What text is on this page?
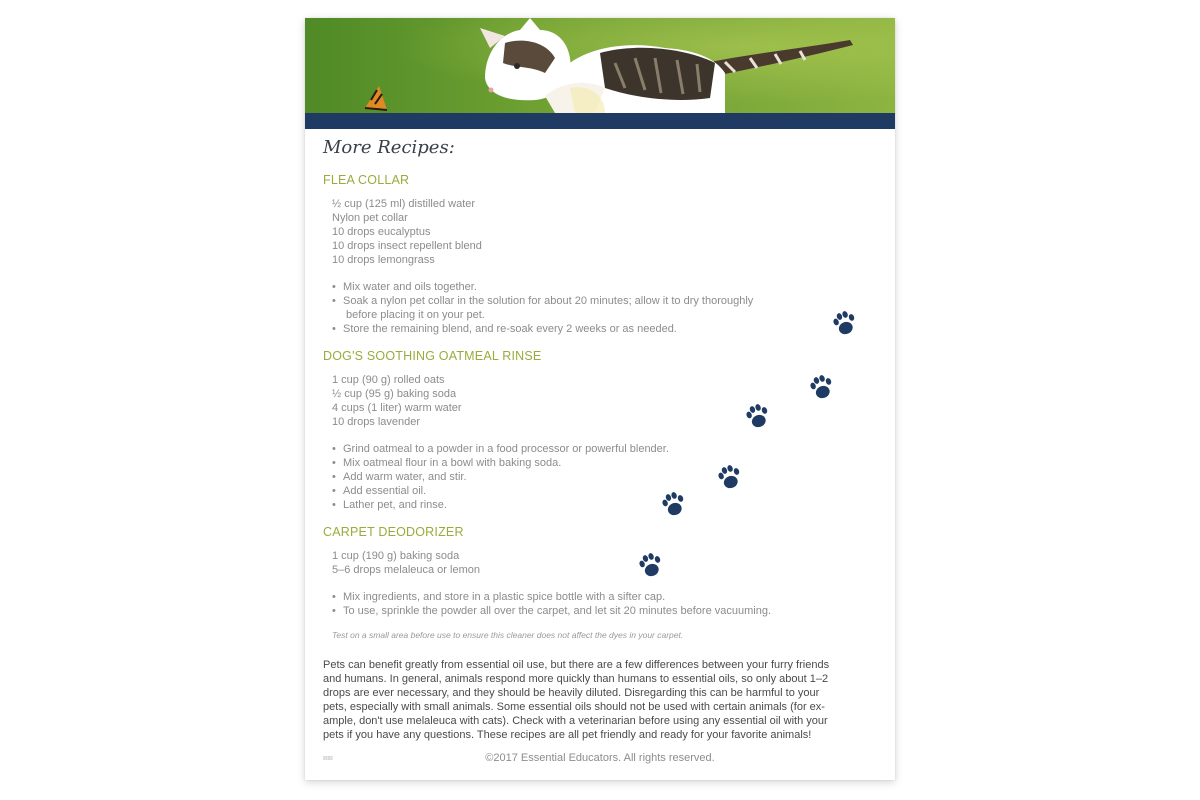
More Recipes:
FLEA COLLAR
½ cup (125 ml) distilled water
Nylon pet collar
10 drops eucalyptus
10 drops insect repellent blend
10 drops lemongrass
• Mix water and oils together.
• Soak a nylon pet collar in the solution for about 20 minutes; allow it to dry thoroughly
before placing it on your pet.
• Store the remaining blend, and re-soak every 2 weeks or as needed.
DOG'S SOOTHING OATMEAL RINSE
1 cup (90 g) rolled oats
½ cup (95 g) baking soda
4 cups (1 liter) warm water
10 drops lavender
• Grind oatmeal to a powder in a food processor or powerful blender.
• Mix oatmeal flour in a bowl with baking soda.
• Add warm water, and stir.
• Add essential oil.
• Lather pet, and rinse.
CARPET DEODORIZER
1 cup (190 g) baking soda
5–6 drops melaleuca or lemon
• Mix ingredients, and store in a plastic spice bottle with a sifter cap.
• To use, sprinkle the powder all over the carpet, and let sit 20 minutes before vacuuming.
Test on a small area before use to ensure this cleaner does not affect the dyes in your carpet.
Pets can benefit greatly from essential oil use, but there are a few differences between your furry friends
and humans. In general, animals respond more quickly than humans to essential oils, so only about 1–2
drops are ever necessary, and they should be heavily diluted. Disregarding this can be harmful to your
pets, especially with small animals. Some essential oils should not be used with certain animals (for ex-
ample, don't use melaleuca with cats). Check with a veterinarian before using any essential oil with your
pets if you have any questions. These recipes are all pet friendly and ready for your favorite animals!
ʬʬʬʬ	©2017 Essential Educators. All rights reserved.
